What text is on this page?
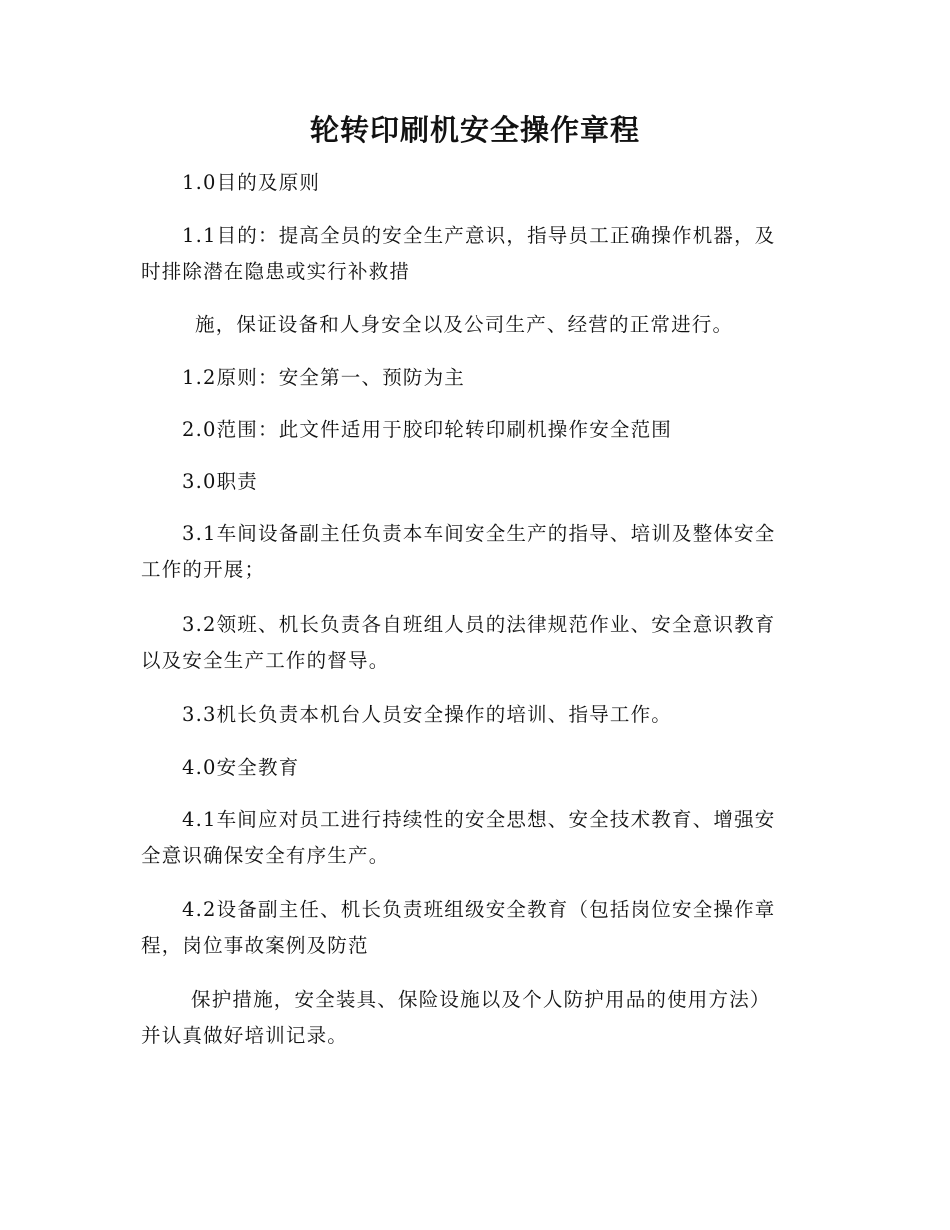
轮转印刷机安全操作章程

1.0目的及原则

1.1目的：提高全员的安全生产意识，指导员工正确操作机器，及
时排除潜在隐患或实行补救措

施，保证设备和人身安全以及公司生产、经营的正常进行。

1.2原则：安全第一、预防为主

2.0范围：此文件适用于胶印轮转印刷机操作安全范围

3.0职责

3.1车间设备副主任负责本车间安全生产的指导、培训及整体安全
工作的开展；

3.2领班、机长负责各自班组人员的法律规范作业、安全意识教育
以及安全生产工作的督导。

3.3机长负责本机台人员安全操作的培训、指导工作。

4.0安全教育

4.1车间应对员工进行持续性的安全思想、安全技术教育、增强安
全意识确保安全有序生产。

4.2设备副主任、机长负责班组级安全教育（包括岗位安全操作章
程，岗位事故案例及防范

保护措施，安全装具、保险设施以及个人防护用品的使用方法）
并认真做好培训记录。
